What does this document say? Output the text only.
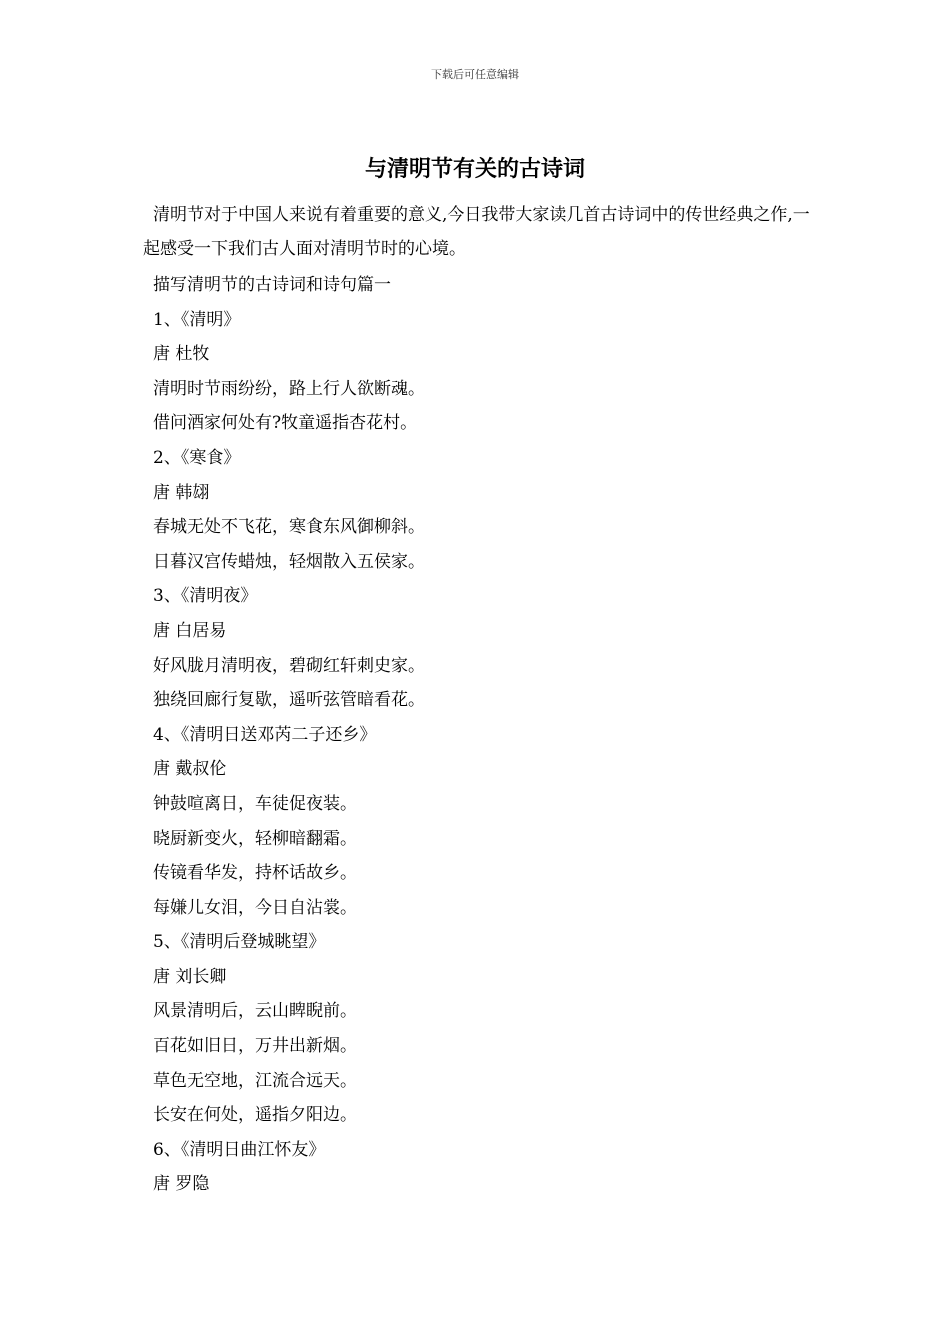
下载后可任意编辑
与清明节有关的古诗词
清明节对于中国人来说有着重要的意义,今日我带大家读几首古诗词中的传世经典之作,一起感受一下我们古人面对清明节时的心境。
描写清明节的古诗词和诗句篇一
1、《清明》
唐 杜牧
清明时节雨纷纷，路上行人欲断魂。
借问酒家何处有?牧童遥指杏花村。
2、《寒食》
唐 韩翃
春城无处不飞花，寒食东风御柳斜。
日暮汉宫传蜡烛，轻烟散入五侯家。
3、《清明夜》
唐 白居易
好风胧月清明夜，碧砌红轩刺史家。
独绕回廊行复歇，遥听弦管暗看花。
4、《清明日送邓芮二子还乡》
唐 戴叔伦
钟鼓喧离日，车徒促夜装。
晓厨新变火，轻柳暗翻霜。
传镜看华发，持杯话故乡。
每嫌儿女泪，今日自沾裳。
5、《清明后登城眺望》
唐 刘长卿
风景清明后，云山睥睨前。
百花如旧日，万井出新烟。
草色无空地，江流合远天。
长安在何处，遥指夕阳边。
6、《清明日曲江怀友》
唐 罗隐
